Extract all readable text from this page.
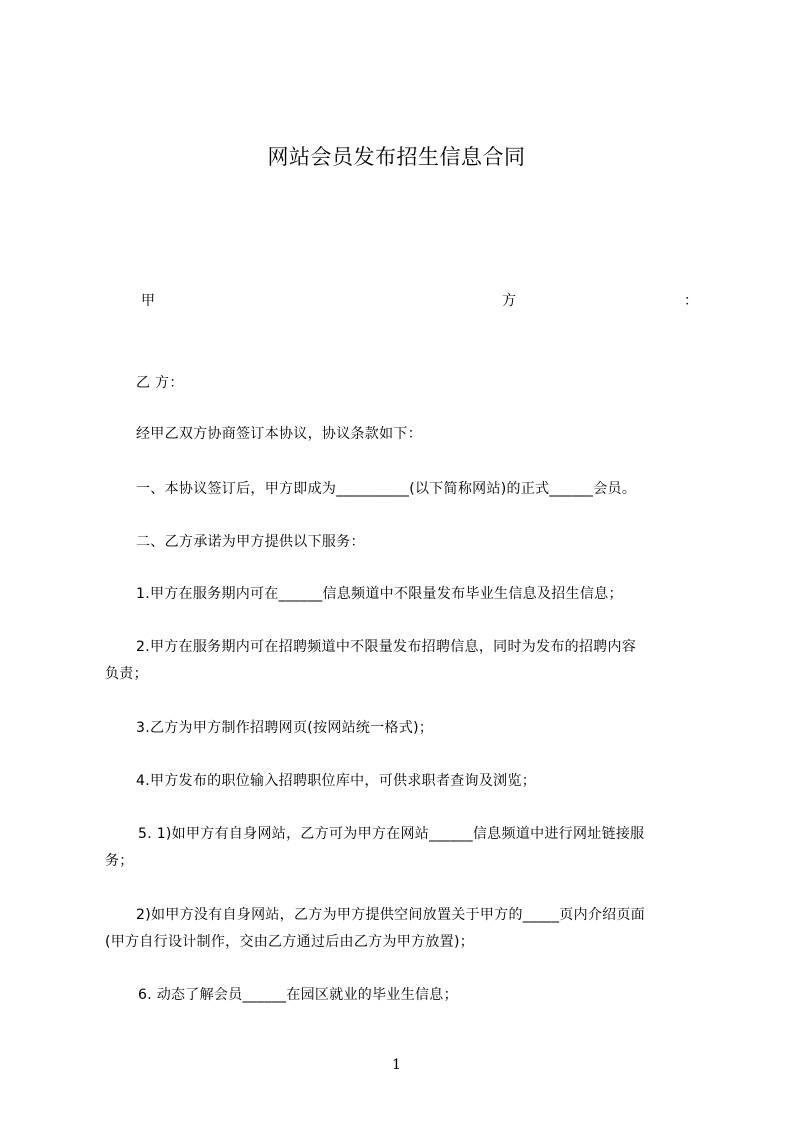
网站会员发布招生信息合同
甲	方	：
乙 方：
经甲乙双方协商签订本协议，协议条款如下：
一、本协议签订后，甲方即成为__________(以下简称网站)的正式______会员。
二、乙方承诺为甲方提供以下服务：
1.甲方在服务期内可在______信息频道中不限量发布毕业生信息及招生信息；
2.甲方在服务期内可在招聘频道中不限量发布招聘信息，同时为发布的招聘内容
负责；
3.乙方为甲方制作招聘网页(按网站统一格式)；
4.甲方发布的职位输入招聘职位库中，可供求职者查询及浏览；
5. 1)如甲方有自身网站，乙方可为甲方在网站______信息频道中进行网址链接服
务；
2)如甲方没有自身网站，乙方为甲方提供空间放置关于甲方的_____页内介绍页面
(甲方自行设计制作，交由乙方通过后由乙方为甲方放置)；
6. 动态了解会员______在园区就业的毕业生信息；
1
